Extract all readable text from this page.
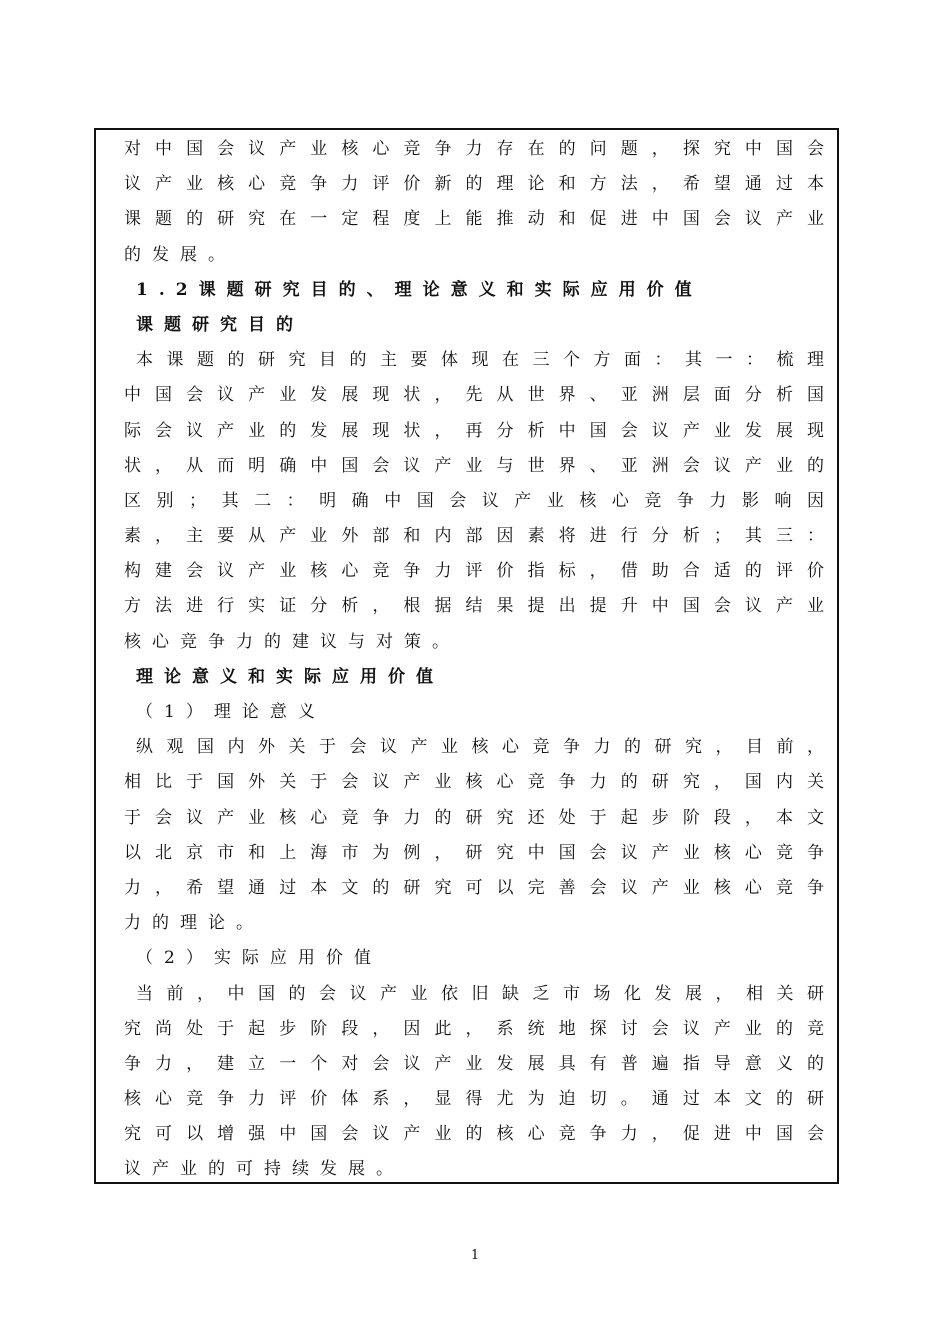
对中国会议产业核心竞争力存在的问题，探究中国会
议产业核心竞争力评价新的理论和方法，希望通过本
课题的研究在一定程度上能推动和促进中国会议产业
的发展。
1.2课题研究目的、理论意义和实际应用价值
课题研究目的
本课题的研究目的主要体现在三个方面：其一：梳理
中国会议产业发展现状，先从世界、亚洲层面分析国
际会议产业的发展现状，再分析中国会议产业发展现
状，从而明确中国会议产业与世界、亚洲会议产业的
区别；其二：明确中国会议产业核心竞争力影响因
素，主要从产业外部和内部因素将进行分析；其三：
构建会议产业核心竞争力评价指标，借助合适的评价
方法进行实证分析，根据结果提出提升中国会议产业
核心竞争力的建议与对策。
理论意义和实际应用价值
（1）理论意义
纵观国内外关于会议产业核心竞争力的研究，目前，
相比于国外关于会议产业核心竞争力的研究，国内关
于会议产业核心竞争力的研究还处于起步阶段，本文
以北京市和上海市为例，研究中国会议产业核心竞争
力，希望通过本文的研究可以完善会议产业核心竞争
力的理论。
（2）实际应用价值
当前，中国的会议产业依旧缺乏市场化发展，相关研
究尚处于起步阶段，因此，系统地探讨会议产业的竞
争力，建立一个对会议产业发展具有普遍指导意义的
核心竞争力评价体系，显得尤为迫切。通过本文的研
究可以增强中国会议产业的核心竞争力，促进中国会
议产业的可持续发展。
1
